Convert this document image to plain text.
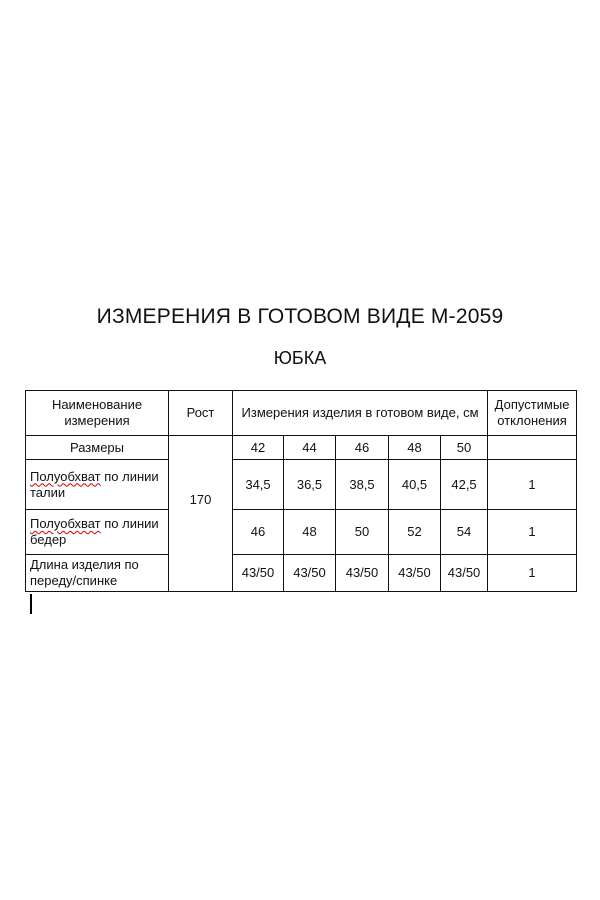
ИЗМЕРЕНИЯ В ГОТОВОМ ВИДЕ М-2059
ЮБКА
Наименование измерения	Рост	Измерения изделия в готовом виде, см					Допустимые отклонения
Размеры	170	42	44	46	48	50	
Полуобхват по линии талии		34,5	36,5	38,5	40,5	42,5	1
Полуобхват по линии бедер		46	48	50	52	54	1
Длина изделия по переду/спинке		43/50	43/50	43/50	43/50	43/50	1
